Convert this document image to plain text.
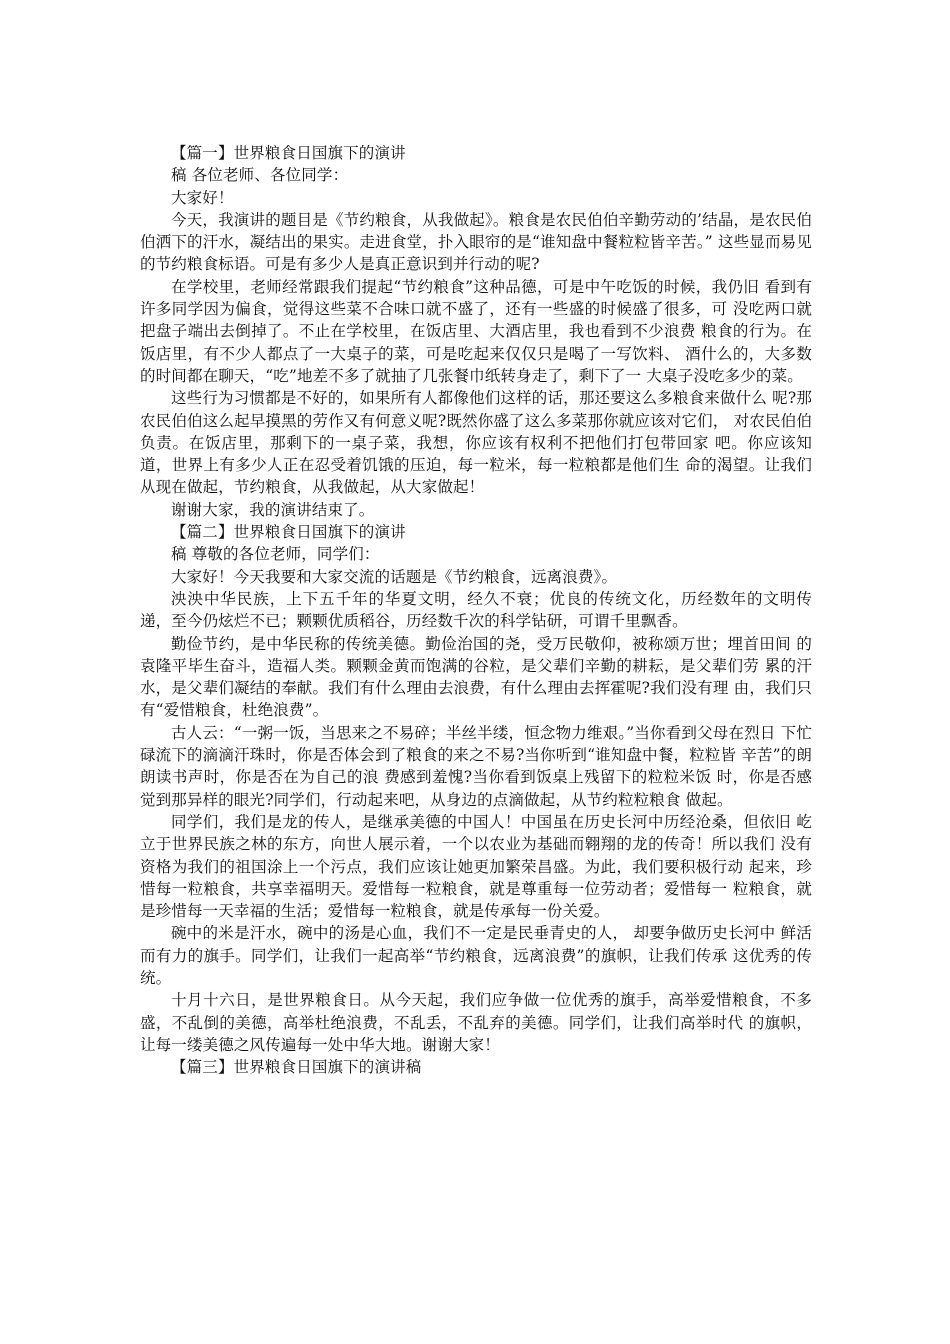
【篇一】世界粮食日国旗下的演讲

稿 各位老师、各位同学：

大家好！

今天，我演讲的题目是《节约粮食，从我做起》。粮食是农民伯伯辛勤劳动的’结晶，是农民伯伯洒下的汗水，凝结出的果实。走进食堂，扑入眼帘的是“谁知盘中餐粒粒皆辛苦。” 这些显而易见的节约粮食标语。可是有多少人是真正意识到并行动的呢?

在学校里，老师经常跟我们提起“节约粮食”这种品德，可是中午吃饭的时候，我仍旧 看到有许多同学因为偏食，觉得这些菜不合味口就不盛了，还有一些盛的时候盛了很多，可 没吃两口就把盘子端出去倒掉了。不止在学校里，在饭店里、大酒店里，我也看到不少浪费 粮食的行为。在饭店里，有不少人都点了一大桌子的菜，可是吃起来仅仅只是喝了一写饮料、 酒什么的，大多数的时间都在聊天，“吃”地差不多了就抽了几张餐巾纸转身走了，剩下了一 大桌子没吃多少的菜。

这些行为习惯都是不好的，如果所有人都像他们这样的话，那还要这么多粮食来做什么 呢?那农民伯伯这么起早摸黑的劳作又有何意义呢?既然你盛了这么多菜那你就应该对它们， 对农民伯伯负责。在饭店里，那剩下的一桌子菜，我想，你应该有权利不把他们打包带回家 吧。你应该知道，世界上有多少人正在忍受着饥饿的压迫，每一粒米，每一粒粮都是他们生 命的渴望。让我们从现在做起，节约粮食，从我做起，从大家做起！

谢谢大家，我的演讲结束了。

【篇二】世界粮食日国旗下的演讲

稿 尊敬的各位老师，同学们：

大家好！今天我要和大家交流的话题是《节约粮食，远离浪费》。

泱泱中华民族，上下五千年的华夏文明，经久不衰；优良的传统文化，历经数年的文明传 递，至今仍炫烂不已；颗颗优质稻谷，历经数千次的科学钻研，可谓千里飘香。

勤俭节约，是中华民称的传统美德。勤俭治国的尧，受万民敬仰，被称颂万世；埋首田间 的袁隆平毕生奋斗，造福人类。颗颗金黄而饱满的谷粒，是父辈们辛勤的耕耘，是父辈们劳 累的汗水，是父辈们凝结的奉献。我们有什么理由去浪费，有什么理由去挥霍呢?我们没有理 由，我们只有“爱惜粮食，杜绝浪费”。

古人云：“一粥一饭，当思来之不易碎；半丝半缕，恒念物力维艰。”当你看到父母在烈日 下忙碌流下的滴滴汗珠时，你是否体会到了粮食的来之不易?当你听到“谁知盘中餐，粒粒皆 辛苦”的朗朗读书声时，你是否在为自己的浪 费感到羞愧?当你看到饭桌上残留下的粒粒米饭 时，你是否感觉到那异样的眼光?同学们，行动起来吧，从身边的点滴做起，从节约粒粒粮食 做起。

同学们，我们是龙的传人，是继承美德的中国人！中国虽在历史长河中历经沧桑，但依旧 屹立于世界民族之林的东方，向世人展示着，一个以农业为基础而翱翔的龙的传奇！所以我们 没有资格为我们的祖国涂上一个污点，我们应该让她更加繁荣昌盛。为此，我们要积极行动 起来，珍惜每一粒粮食，共享幸福明天。爱惜每一粒粮食，就是尊重每一位劳动者；爱惜每一 粒粮食，就是珍惜每一天幸福的生活；爱惜每一粒粮食，就是传承每一份关爱。

碗中的米是汗水，碗中的汤是心血，我们不一定是民垂青史的人， 却要争做历史长河中 鲜活而有力的旗手。同学们，让我们一起高举“节约粮食，远离浪费”的旗帜，让我们传承 这优秀的传统。

十月十六日，是世界粮食日。从今天起，我们应争做一位优秀的旗手，高举爱惜粮食，不多盛，不乱倒的美德，高举杜绝浪费，不乱丢，不乱弃的美德。同学们，让我们高举时代 的旗帜，让每一缕美德之风传遍每一处中华大地。谢谢大家！

【篇三】世界粮食日国旗下的演讲稿
